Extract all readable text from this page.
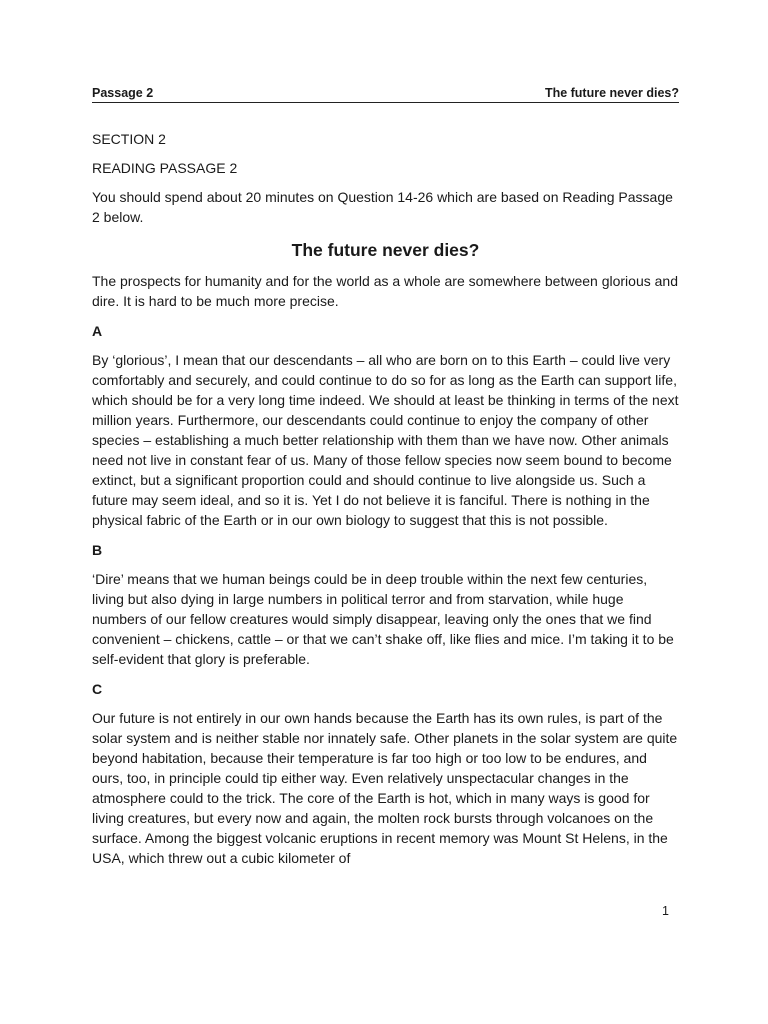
Passage 2	The future never dies?
SECTION 2
READING PASSAGE 2
You should spend about 20 minutes on Question 14-26 which are based on Reading Passage 2 below.
The future never dies?

The prospects for humanity and for the world as a whole are somewhere between glorious and dire. It is hard to be much more precise.

A

By ‘glorious’, I mean that our descendants – all who are born on to this Earth – could live very comfortably and securely, and could continue to do so for as long as the Earth can support life, which should be for a very long time indeed. We should at least be thinking in terms of the next million years. Furthermore, our descendants could continue to enjoy the company of other species – establishing a much better relationship with them than we have now. Other animals need not live in constant fear of us. Many of those fellow species now seem bound to become extinct, but a significant proportion could and should continue to live alongside us. Such a future may seem ideal, and so it is. Yet I do not believe it is fanciful. There is nothing in the physical fabric of the Earth or in our own biology to suggest that this is not possible.

B

‘Dire’ means that we human beings could be in deep trouble within the next few centuries, living but also dying in large numbers in political terror and from starvation, while huge numbers of our fellow creatures would simply disappear, leaving only the ones that we find convenient – chickens, cattle – or that we can’t shake off, like flies and mice. I’m taking it to be self-evident that glory is preferable.

C

Our future is not entirely in our own hands because the Earth has its own rules, is part of the solar system and is neither stable nor innately safe. Other planets in the solar system are quite beyond habitation, because their temperature is far too high or too low to be endures, and ours, too, in principle could tip either way. Even relatively unspectacular changes in the atmosphere could to the trick. The core of the Earth is hot, which in many ways is good for living creatures, but every now and again, the molten rock bursts through volcanoes on the surface. Among the biggest volcanic eruptions in recent memory was Mount St Helens, in the USA, which threw out a cubic kilometer of

1
